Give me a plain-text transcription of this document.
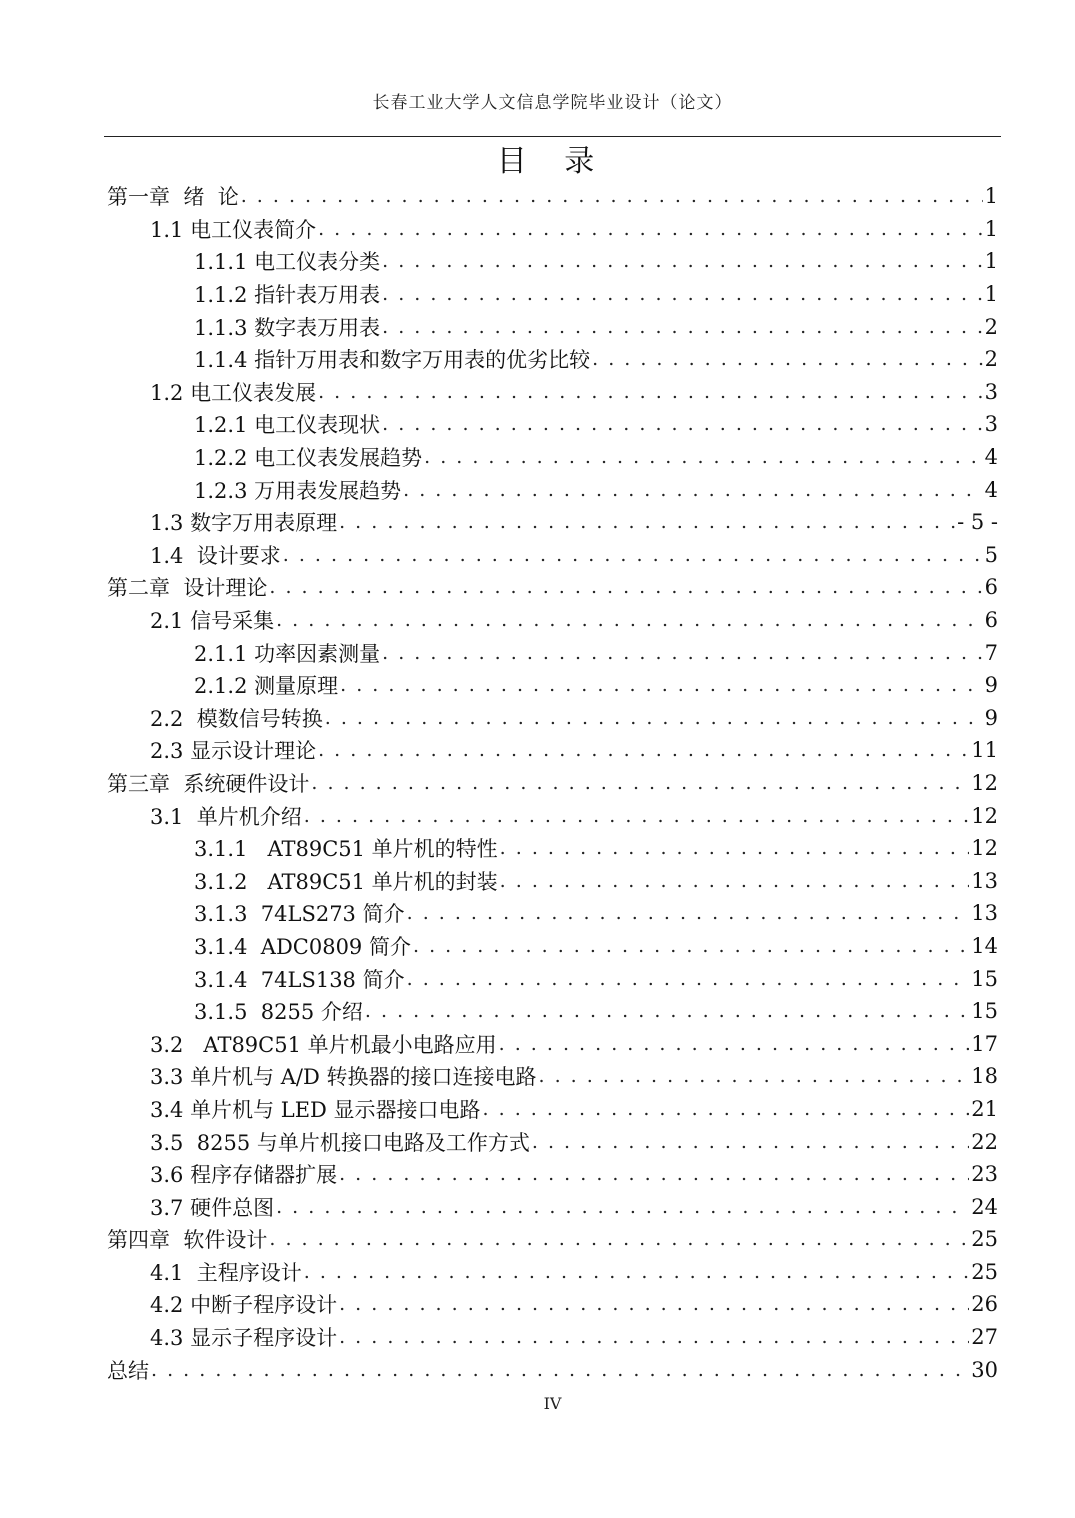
长春工业大学人文信息学院毕业设计（论文）
目 录
第一章  绪  论 . . .	1
1.1 电工仪表简介 . . .	1
1.1.1 电工仪表分类 . . .	1
1.1.2 指针表万用表 . . .	1
1.1.3 数字表万用表 . . .	2
1.1.4 指针万用表和数字万用表的优劣比较 . . .	2
1.2 电工仪表发展 . . .	3
1.2.1 电工仪表现状 . . .	3
1.2.2 电工仪表发展趋势 . . .	4
1.2.3 万用表发展趋势 . . .	4
1.3 数字万用表原理 . . .	- 5 -
1.4  设计要求 . . .	5
第二章  设计理论 . . .	6
2.1 信号采集 . . .	6
2.1.1 功率因素测量 . . .	7
2.1.2 测量原理 . . .	9
2.2  模数信号转换 . . .	9
2.3 显示设计理论 . . .	11
第三章  系统硬件设计 . . .	12
3.1  单片机介绍 . . .	12
3.1.1   AT89C51 单片机的特性 . . .	12
3.1.2   AT89C51 单片机的封装 . . .	13
3.1.3  74LS273 简介 . . .	13
3.1.4  ADC0809 简介 . . .	14
3.1.4  74LS138 简介 . . .	15
3.1.5  8255 介绍 . . .	15
3.2   AT89C51 单片机最小电路应用 . . .	17
3.3 单片机与 A/D 转换器的接口连接电路 . . .	18
3.4 单片机与 LED 显示器接口电路 . . .	21
3.5  8255 与单片机接口电路及工作方式 . . .	22
3.6 程序存储器扩展 . . .	23
3.7 硬件总图 . . .	24
第四章  软件设计 . . .	25
4.1  主程序设计 . . .	25
4.2 中断子程序设计 . . .	26
4.3 显示子程序设计 . . .	27
总结 . . .	30
IV
